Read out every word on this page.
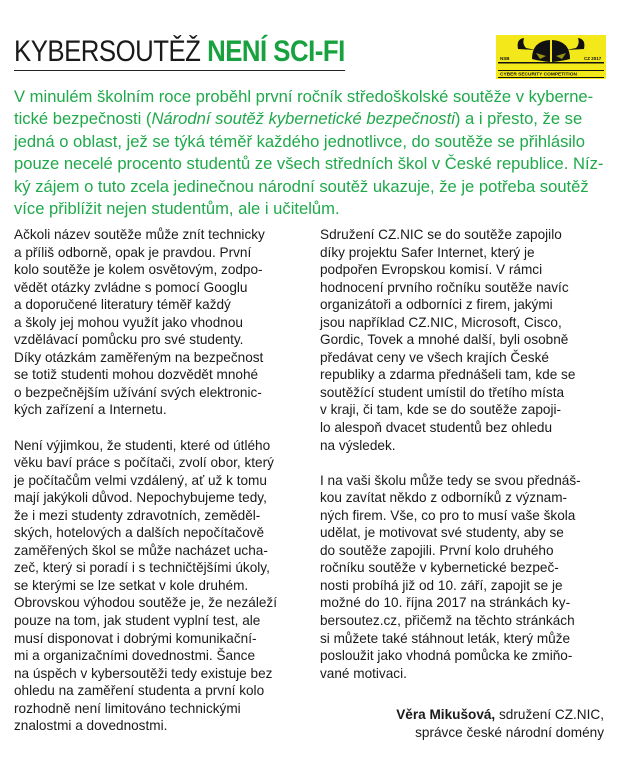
KYBERSOUTĚŽ NENÍ SCI-FI	NSB	CZ 2017
CYBER SECURITY COMPETITION
V minulém školním roce proběhl první ročník středoškolské soutěže v kyberne-
tické bezpečnosti (Národní soutěž kybernetické bezpečnosti) a i přesto, že se
jedná o oblast, jež se týká téměř každého jednotlivce, do soutěže se přihlásilo
pouze necelé procento studentů ze všech středních škol v České republice. Níz-
ký zájem o tuto zcela jedinečnou národní soutěž ukazuje, že je potřeba soutěž
více přiblížit nejen studentům, ale i učitelům.
Ačkoli název soutěže může znít technicky
a příliš odborně, opak je pravdou. První
kolo soutěže je kolem osvětovým, zodpo-
vědět otázky zvládne s pomocí Googlu
a doporučené literatury téměř každý
a školy jej mohou využít jako vhodnou
vzdělávací pomůcku pro své studenty.
Díky otázkám zaměřeným na bezpečnost
se totiž studenti mohou dozvědět mnohé
o bezpečnějším užívání svých elektronic-
kých zařízení a Internetu.
Není výjimkou, že studenti, které od útlého
věku baví práce s počítači, zvolí obor, který
je počítačům velmi vzdálený, ať už k tomu
mají jakýkoli důvod. Nepochybujeme tedy,
že i mezi studenty zdravotních, zeměděl-
ských, hotelových a dalších nepočítačově
zaměřených škol se může nacházet ucha-
zeč, který si poradí i s techničtějšími úkoly,
se kterými se lze setkat v kole druhém.
Obrovskou výhodou soutěže je, že nezáleží
pouze na tom, jak student vyplní test, ale
musí disponovat i dobrými komunikační-
mi a organizačními dovednostmi. Šance
na úspěch v kybersoutěži tedy existuje bez
ohledu na zaměření studenta a první kolo
rozhodně není limitováno technickými
znalostmi a dovednostmi.
Sdružení CZ.NIC se do soutěže zapojilo
díky projektu Safer Internet, který je
podpořen Evropskou komisí. V rámci
hodnocení prvního ročníku soutěže navíc
organizátoři a odborníci z firem, jakými
jsou například CZ.NIC, Microsoft, Cisco,
Gordic, Tovek a mnohé další, byli osobně
předávat ceny ve všech krajích České
republiky a zdarma přednášeli tam, kde se
soutěžící student umístil do třetího místa
v kraji, či tam, kde se do soutěže zapoji-
lo alespoň dvacet studentů bez ohledu
na výsledek.
I na vaši školu může tedy se svou přednáš-
kou zavítat někdo z odborníků z význam-
ných firem. Vše, co pro to musí vaše škola
udělat, je motivovat své studenty, aby se
do soutěže zapojili. První kolo druhého
ročníku soutěže v kybernetické bezpeč-
nosti probíhá již od 10. září, zapojit se je
možné do 10. října 2017 na stránkách ky-
bersoutez.cz, přičemž na těchto stránkách
si můžete také stáhnout leták, který může
posloužit jako vhodná pomůcka ke zmiňo-
vané motivaci.
Věra Mikušová, sdružení CZ.NIC,
správce české národní domény
